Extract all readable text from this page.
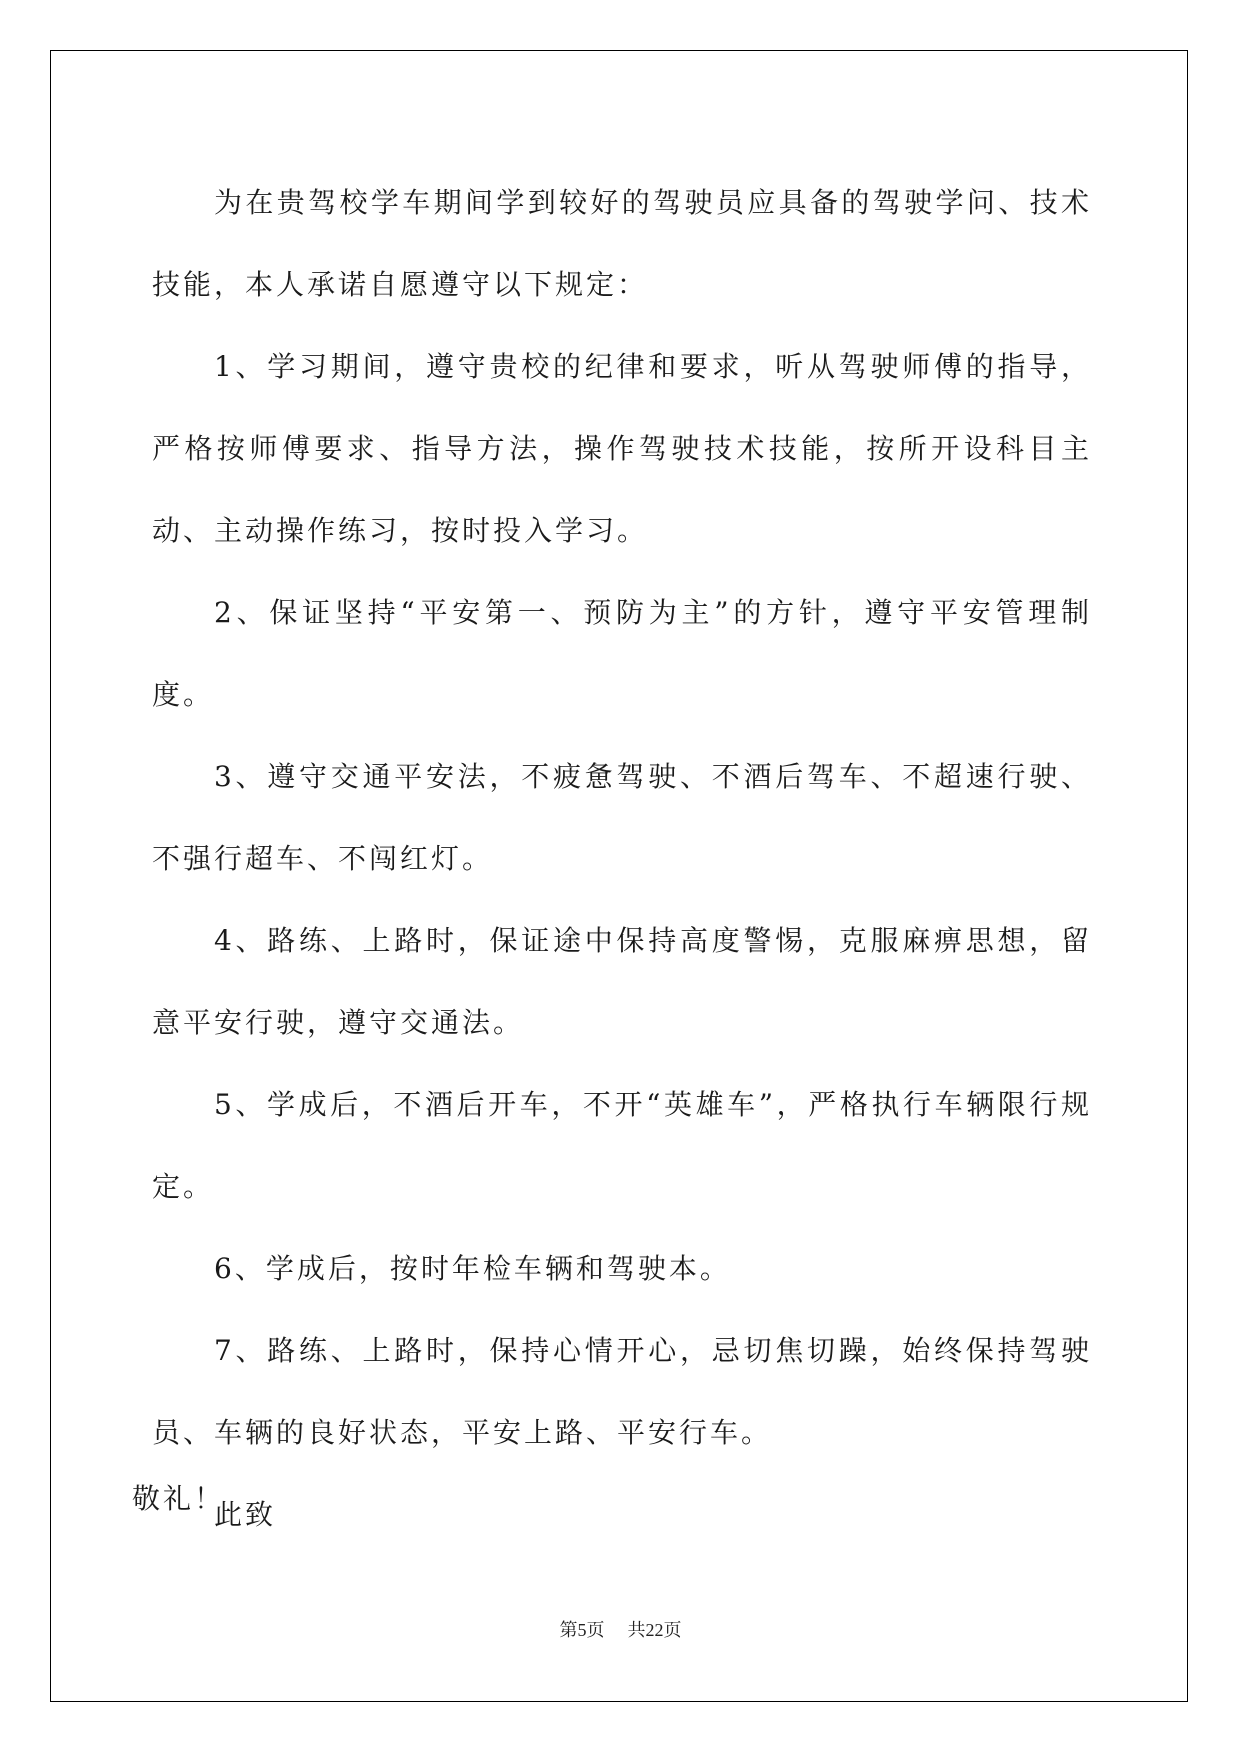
为在贵驾校学车期间学到较好的驾驶员应具备的驾驶学问、技术技能，本人承诺自愿遵守以下规定：

1、学习期间，遵守贵校的纪律和要求，听从驾驶师傅的指导，严格按师傅要求、指导方法，操作驾驶技术技能，按所开设科目主动、主动操作练习，按时投入学习。

2、保证坚持“平安第一、预防为主”的方针，遵守平安管理制度。

3、遵守交通平安法，不疲惫驾驶、不酒后驾车、不超速行驶、不强行超车、不闯红灯。

4、路练、上路时，保证途中保持高度警惕，克服麻痹思想，留意平安行驶，遵守交通法。

5、学成后，不酒后开车，不开“英雄车”，严格执行车辆限行规定。

6、学成后，按时年检车辆和驾驶本。

7、路练、上路时，保持心情开心，忌切焦切躁，始终保持驾驶员、车辆的良好状态，平安上路、平安行车。

此致

敬礼！

第5页 共22页
